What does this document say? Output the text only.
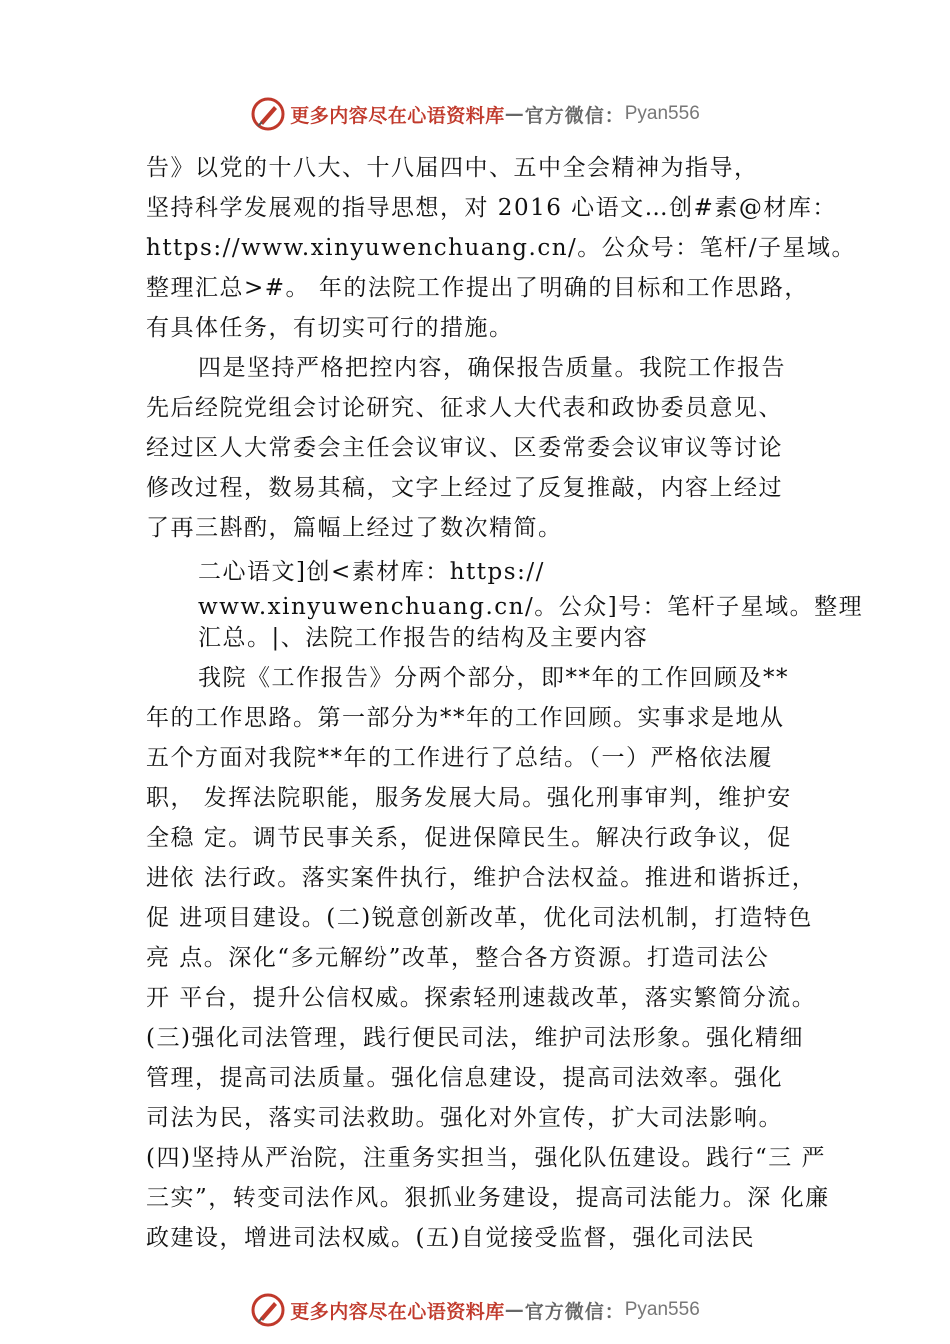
更多内容尽在心语资料库 — 官方微信： Pyan556
告》以党的十八大、十八届四中、五中全会精神为指导，
坚持科学发展观的指导思想，对 2016 心语文…创#素@材库：
https://www.xinyuwenchuang.cn/。公众号：笔杆/子星域。
整理汇总>#。 年的法院工作提出了明确的目标和工作思路，
有具体任务，有切实可行的措施。
四是坚持严格把控内容，确保报告质量。我院工作报告
先后经院党组会讨论研究、征求人大代表和政协委员意见、
经过区人大常委会主任会议审议、区委常委会议审议等讨论
修改过程，数易其稿，文字上经过了反复推敲，内容上经过
了再三斟酌，篇幅上经过了数次精简。
二心语文]创<素材库：https://
www.xinyuwenchuang.cn/。公众]号：笔杆子星域。整理
汇总。|、法院工作报告的结构及主要内容
我院《工作报告》分两个部分，即**年的工作回顾及**
年的工作思路。第一部分为**年的工作回顾。实事求是地从
五个方面对我院**年的工作进行了总结。（一）严格依法履
职， 发挥法院职能，服务发展大局。强化刑事审判，维护安
全稳 定。调节民事关系，促进保障民生。解决行政争议，促
进依 法行政。落实案件执行，维护合法权益。推进和谐拆迁，
促 进项目建设。(二)锐意创新改革，优化司法机制，打造特色
亮 点。深化“多元解纷”改革，整合各方资源。打造司法公
开 平台，提升公信权威。探索轻刑速裁改革，落实繁简分流。
(三)强化司法管理，践行便民司法，维护司法形象。强化精细
管理，提高司法质量。强化信息建设，提高司法效率。强化
司法为民，落实司法救助。强化对外宣传，扩大司法影响。
(四)坚持从严治院，注重务实担当，强化队伍建设。践行“三 严
三实”，转变司法作风。狠抓业务建设，提高司法能力。深 化廉
政建设，增进司法权威。(五)自觉接受监督，强化司法民
更多内容尽在心语资料库 — 官方微信： Pyan556
